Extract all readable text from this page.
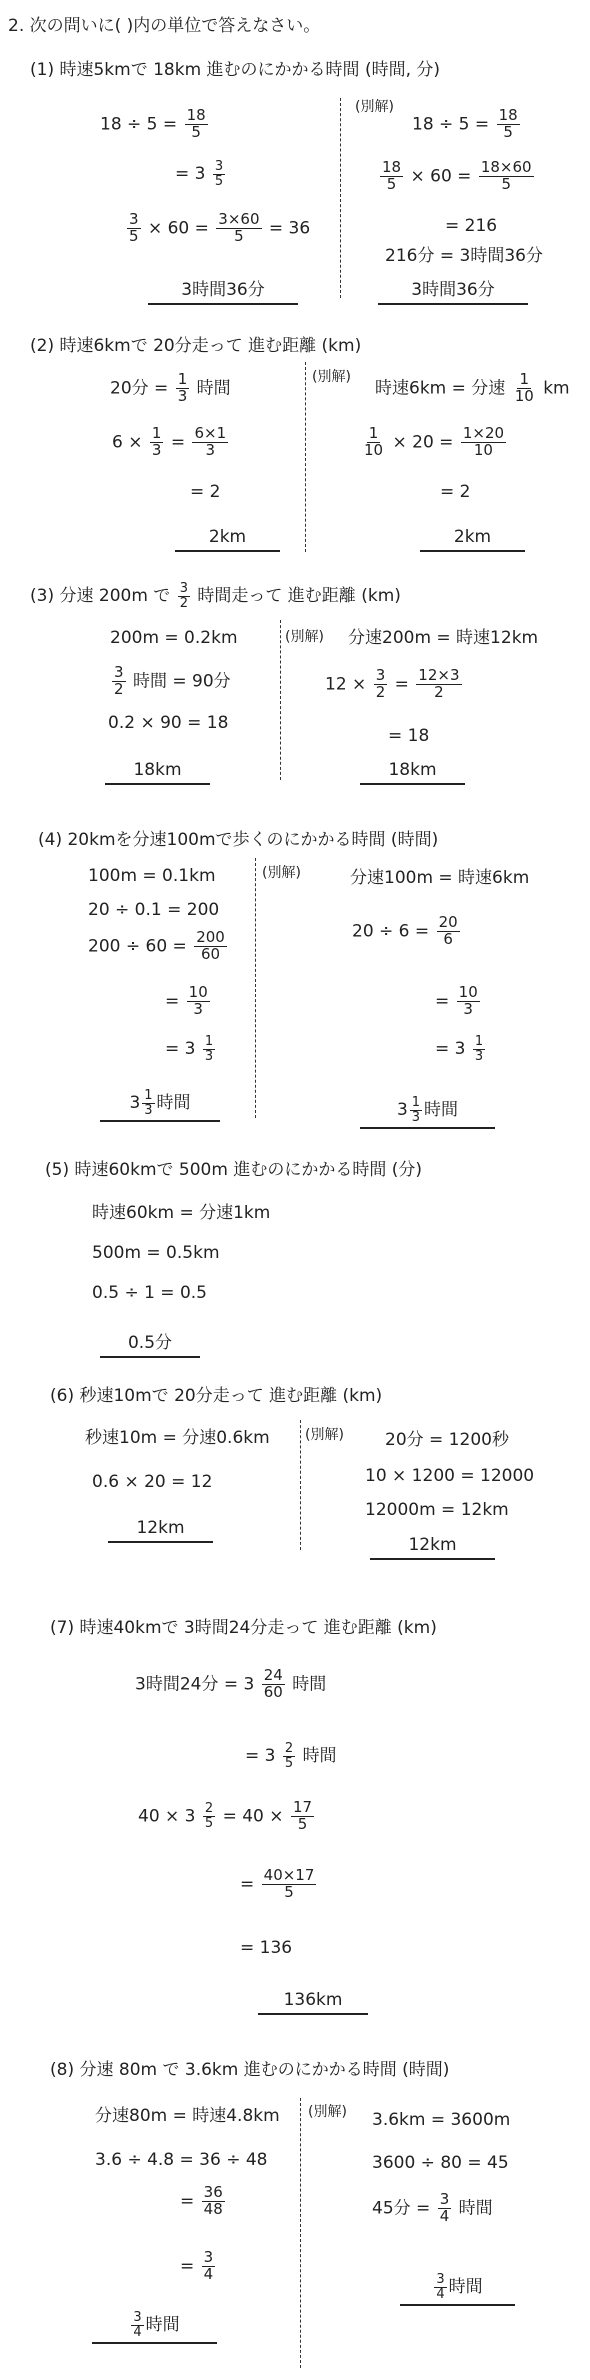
2. 次の問いに( )内の単位で答えなさい。
(1) 時速5kmで 18km 進むのにかかる時間 (時間, 分)
$18 \div 5 = \frac{18}{5}$
= $3 \frac{3}{5}$
$\frac{3}{5} \times 60 = \frac{3\times 60}{5} = 36$
3時間36分
(別解)
$18 \div 5 = \frac{18}{5}$
$\frac{18}{5} \times 60 = \frac{18\times 60}{5}$
= 216
216分 = 3時間36分
3時間36分
(2) 時速6kmで 20分走って 進む距離 (km)
20分 = $\frac{1}{3}$ 時間
$6 \times \frac{1}{3} = \frac{6\times 1}{3}$
= 2
2km
(別解)
時速6km = 分速 $\frac{1}{10}$ km
$\frac{1}{10} \times 20 = \frac{1\times 20}{10}$
= 2
2km
(3) 分速 200m で $\frac{3}{2}$ 時間走って 進む距離 (km)
200m = 0.2km
$\frac{3}{2}$ 時間 = 90分
0.2 × 90 = 18
18km
(別解) 分速200m = 時速12km
$12 \times \frac{3}{2} = \frac{12\times 3}{2}$
= 18
18km
(4) 20kmを分速100mで歩くのにかかる時間 (時間)
100m = 0.1km
20 ÷ 0.1 = 200
$200 \div 60 = \frac{200}{60}$
= $\frac{10}{3}$
= $3 \frac{1}{3}$
$3 \frac{1}{3}$ 時間
(別解)	分速100m = 時速6km
$20 \div 6 = \frac{20}{6}$
= $\frac{10}{3}$
= $3 \frac{1}{3}$
$3 \frac{1}{3}$ 時間
(5) 時速60kmで 500m 進むのにかかる時間 (分)
時速60km = 分速1km
500m = 0.5km
0.5 ÷ 1 = 0.5
0.5分
(6) 秒速10mで 20分走って 進む距離 (km)
秒速10m = 分速0.6km
0.6 × 20 = 12
12km
(別解) 20分 = 1200秒
10 × 1200 = 12000
12000m = 12km
12km
(7) 時速40kmで 3時間24分走って 進む距離 (km)
3時間24分 = $3 \frac{24}{60}$ 時間
= $3 \frac{2}{5}$ 時間
$40 \times 3 \frac{2}{5} = 40 \times \frac{17}{5}$
= $\frac{40\times 17}{5}$
= 136
136km
(8) 分速 80m で 3.6km 進むのにかかる時間 (時間)
分速80m = 時速4.8km
3.6 ÷ 4.8 = 36 ÷ 48
= $\frac{36}{48}$
= $\frac{3}{4}$
$\frac{3}{4}$ 時間
(別解) 3.6km = 3600m
3600 ÷ 80 = 45
45分 = $\frac{3}{4}$ 時間
$\frac{3}{4}$ 時間
